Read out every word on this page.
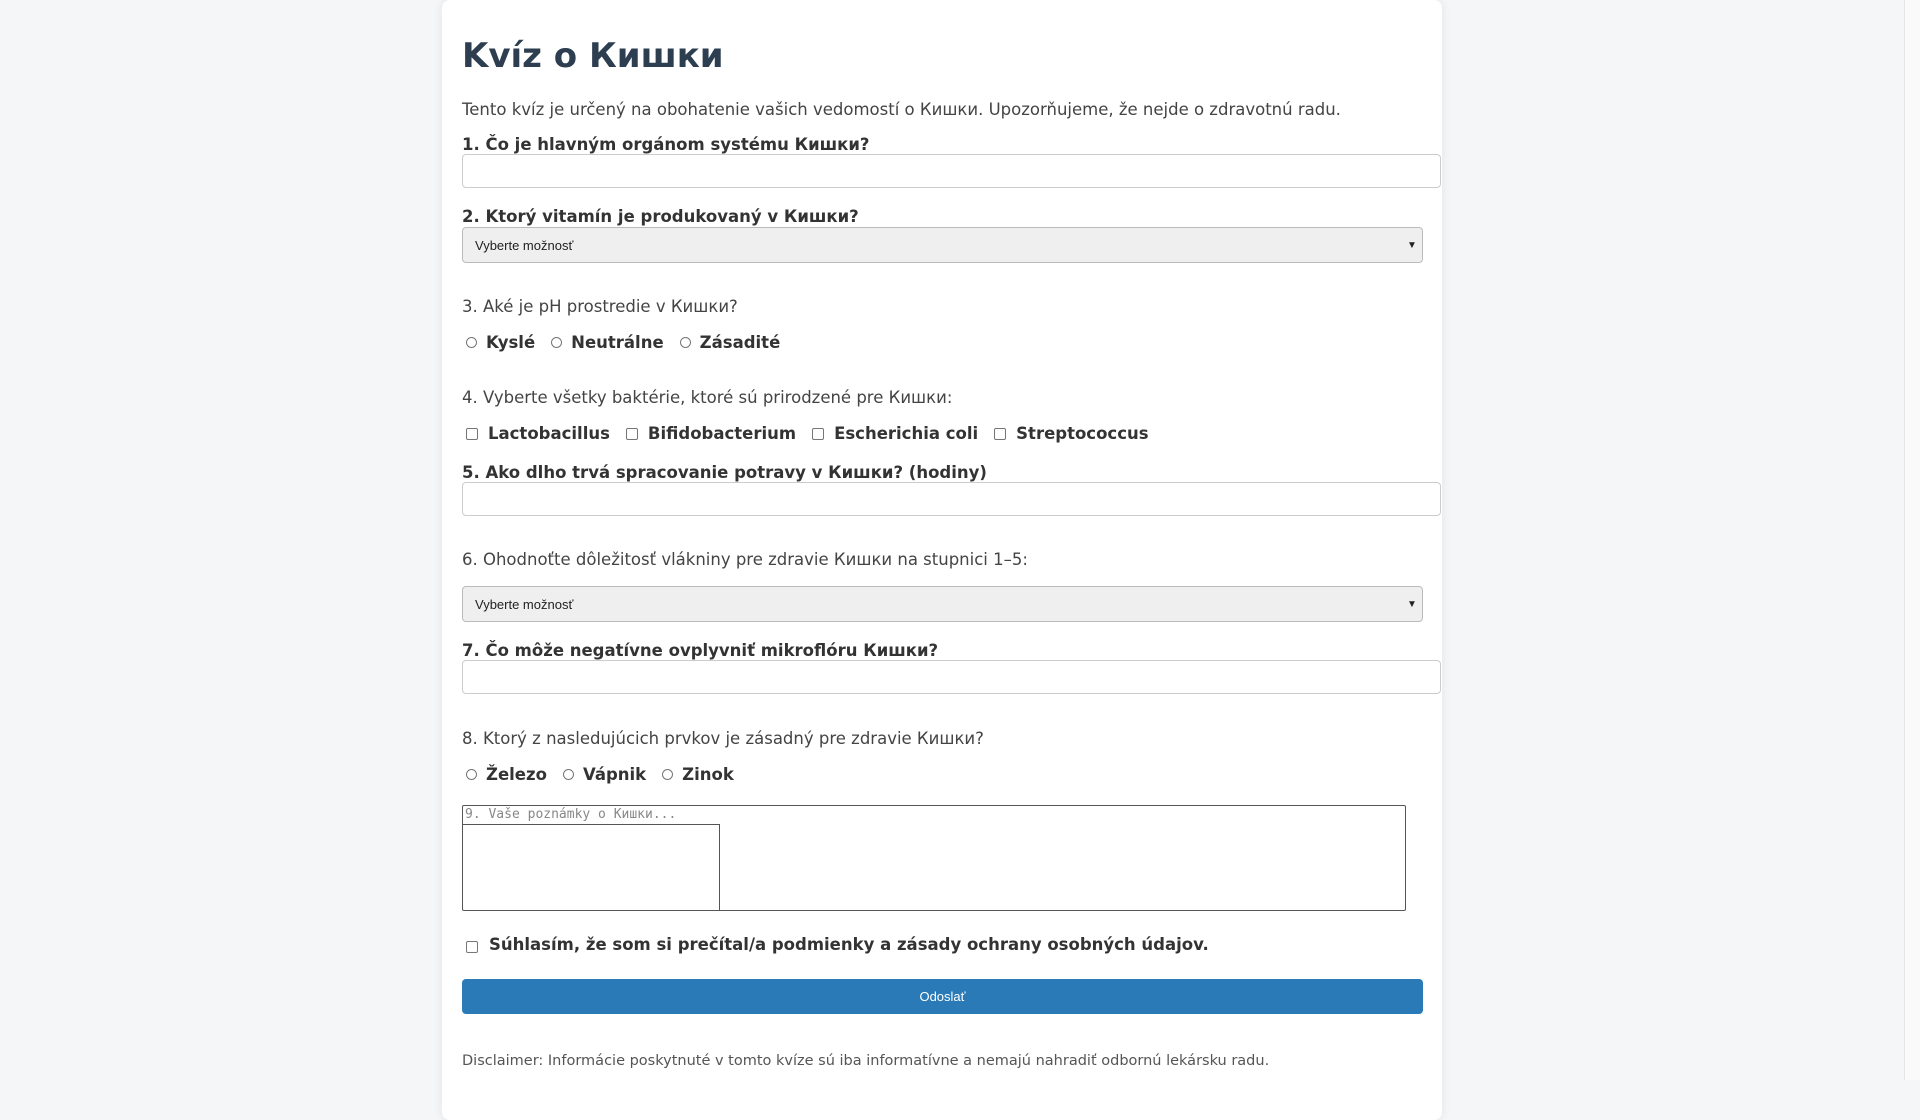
Kvíz o Кишки
Tento kvíz je určený na obohatenie vašich vedomostí o Кишки. Upozorňujeme, že nejde o zdravotnú radu.
1. Čo je hlavným orgánom systému Кишки?
2. Ktorý vitamín je produkovaný v Кишки?
Vyberte možnosť	▼
3. Aké je pH prostredie v Кишки?
Kyslé Neutrálne Zásadité
4. Vyberte všetky baktérie, ktoré sú prirodzené pre Кишки:
Lactobacillus Bifidobacterium Escherichia coli Streptococcus
5. Ako dlho trvá spracovanie potravy v Кишки? (hodiny)
6. Ohodnoťte dôležitosť vlákniny pre zdravie Кишки na stupnici 1–5:
Vyberte možnosť	▼
7. Čo môže negatívne ovplyvniť mikroflóru Кишки?
8. Ktorý z nasledujúcich prvkov je zásadný pre zdravie Кишки?
Železo Vápnik Zinok
9. Vaše poznámky o Кишки...
Súhlasím, že som si prečítal/a podmienky a zásady ochrany osobných údajov.
Odoslať
Disclaimer: Informácie poskytnuté v tomto kvíze sú iba informatívne a nemajú nahradiť odbornú lekársku radu.
